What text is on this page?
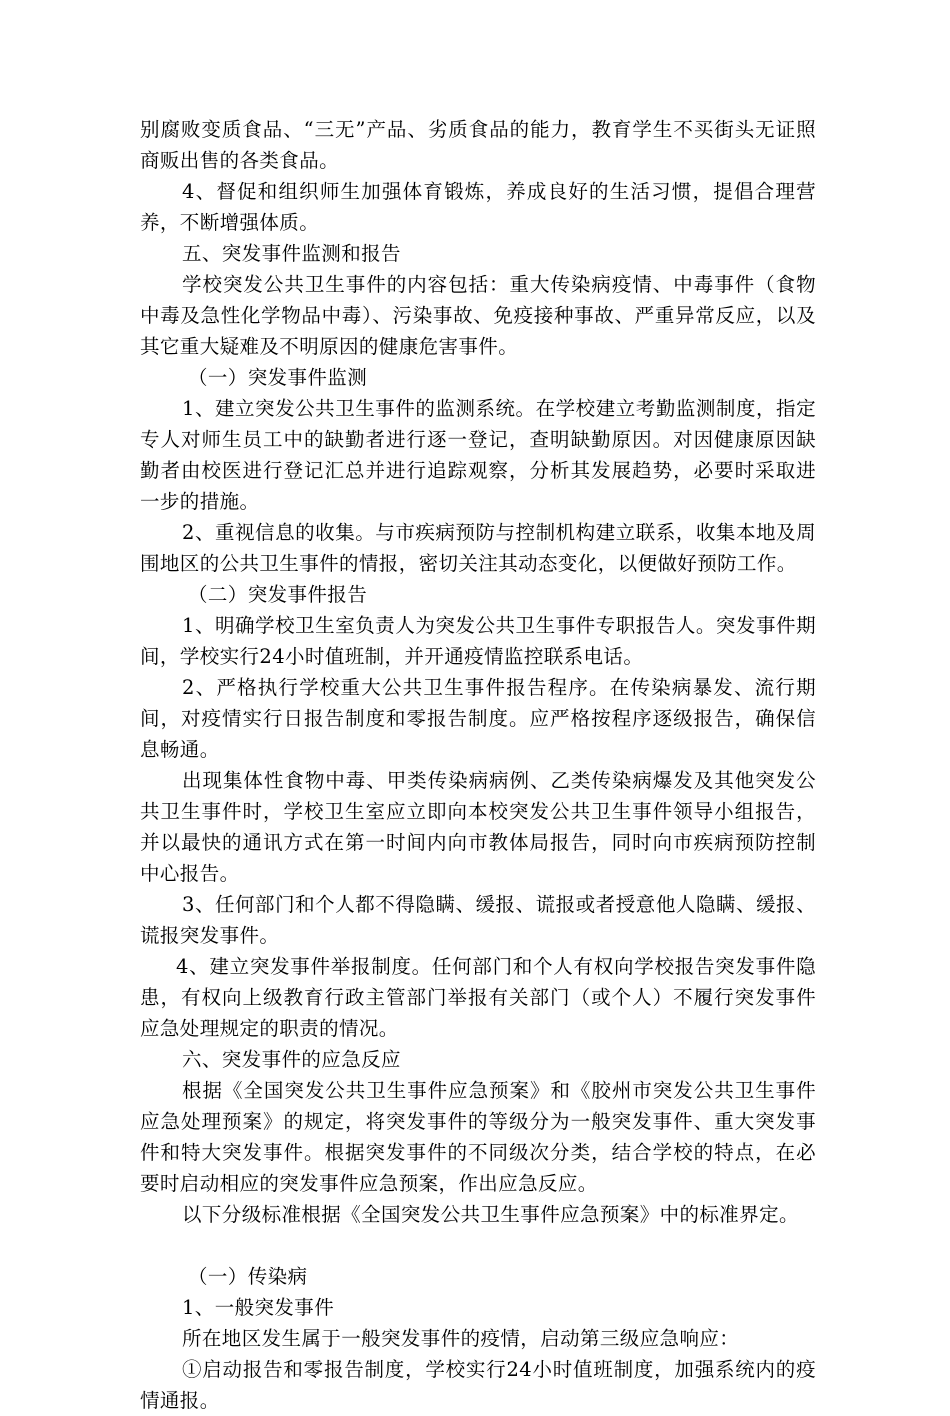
别腐败变质食品、“三无”产品、劣质食品的能力，教育学生不买街头无证照商贩出售的各类食品。

4、督促和组织师生加强体育锻炼，养成良好的生活习惯，提倡合理营养，不断增强体质。

五、突发事件监测和报告

学校突发公共卫生事件的内容包括：重大传染病疫情、中毒事件（食物中毒及急性化学物品中毒）、污染事故、免疫接种事故、严重异常反应，以及其它重大疑难及不明原因的健康危害事件。

（一）突发事件监测

1、建立突发公共卫生事件的监测系统。在学校建立考勤监测制度，指定专人对师生员工中的缺勤者进行逐一登记，查明缺勤原因。对因健康原因缺勤者由校医进行登记汇总并进行追踪观察，分析其发展趋势，必要时采取进一步的措施。

2、重视信息的收集。与市疾病预防与控制机构建立联系，收集本地及周围地区的公共卫生事件的情报，密切关注其动态变化，以便做好预防工作。

（二）突发事件报告

1、明确学校卫生室负责人为突发公共卫生事件专职报告人。突发事件期间，学校实行24小时值班制，并开通疫情监控联系电话。

2、严格执行学校重大公共卫生事件报告程序。在传染病暴发、流行期间，对疫情实行日报告制度和零报告制度。应严格按程序逐级报告，确保信息畅通。

出现集体性食物中毒、甲类传染病病例、乙类传染病爆发及其他突发公共卫生事件时，学校卫生室应立即向本校突发公共卫生事件领导小组报告，并以最快的通讯方式在第一时间内向市教体局报告，同时向市疾病预防控制中心报告。

3、任何部门和个人都不得隐瞒、缓报、谎报或者授意他人隐瞒、缓报、谎报突发事件。

4、建立突发事件举报制度。任何部门和个人有权向学校报告突发事件隐患，有权向上级教育行政主管部门举报有关部门（或个人）不履行突发事件应急处理规定的职责的情况。

六、突发事件的应急反应

根据《全国突发公共卫生事件应急预案》和《胶州市突发公共卫生事件应急处理预案》的规定，将突发事件的等级分为一般突发事件、重大突发事件和特大突发事件。根据突发事件的不同级次分类，结合学校的特点，在必要时启动相应的突发事件应急预案，作出应急反应。

以下分级标准根据《全国突发公共卫生事件应急预案》中的标准界定。

（一）传染病

1、一般突发事件

所在地区发生属于一般突发事件的疫情，启动第三级应急响应：

①启动报告和零报告制度，学校实行24小时值班制度，加强系统内的疫情通报。
